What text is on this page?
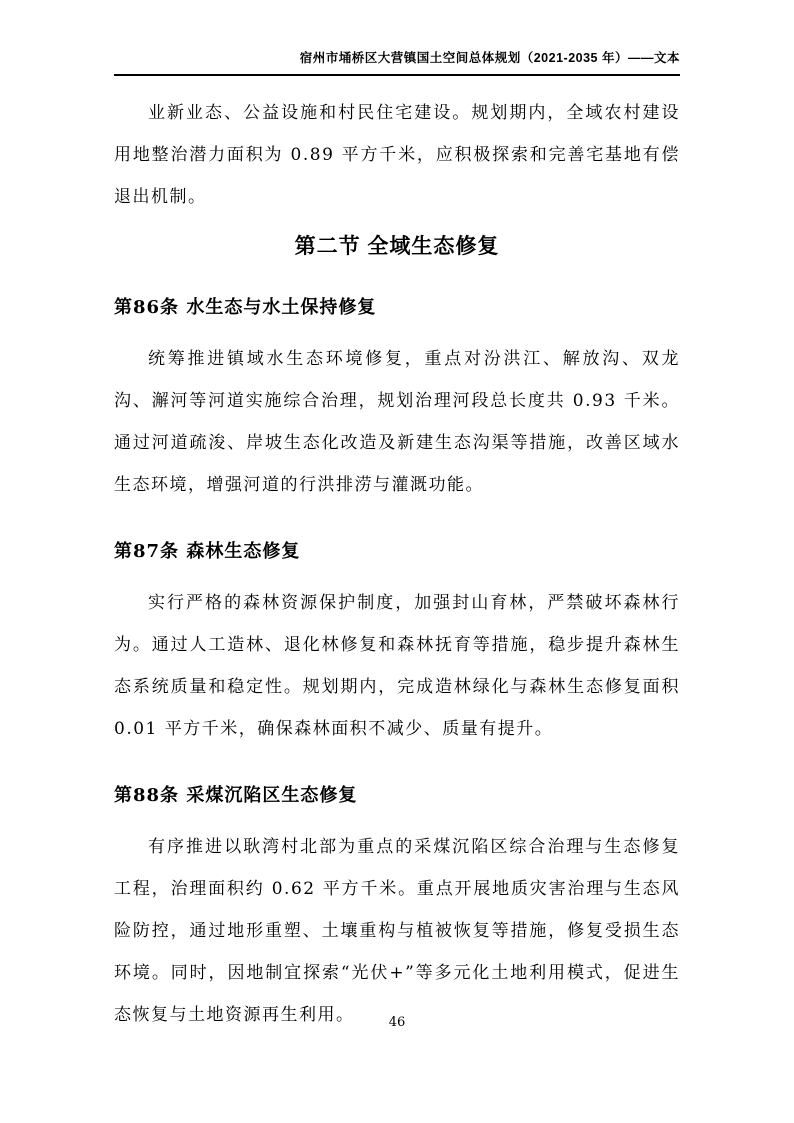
宿州市埇桥区大营镇国土空间总体规划（2021-2035 年）——文本

业新业态、公益设施和村民住宅建设。规划期内，全域农村建设用地整治潜力面积为 0.89 平方千米，应积极探索和完善宅基地有偿退出机制。

第二节 全域生态修复
第86条 水生态与水土保持修复

统筹推进镇域水生态环境修复，重点对汾洪江、解放沟、双龙沟、澥河等河道实施综合治理，规划治理河段总长度共 0.93 千米。通过河道疏浚、岸坡生态化改造及新建生态沟渠等措施，改善区域水生态环境，增强河道的行洪排涝与灌溉功能。

第87条 森林生态修复

实行严格的森林资源保护制度，加强封山育林，严禁破坏森林行为。通过人工造林、退化林修复和森林抚育等措施，稳步提升森林生态系统质量和稳定性。规划期内，完成造林绿化与森林生态修复面积 0.01 平方千米，确保森林面积不减少、质量有提升。

第88条 采煤沉陷区生态修复

有序推进以耿湾村北部为重点的采煤沉陷区综合治理与生态修复工程，治理面积约 0.62 平方千米。重点开展地质灾害治理与生态风险防控，通过地形重塑、土壤重构与植被恢复等措施，修复受损生态环境。同时，因地制宜探索“光伏+”等多元化土地利用模式，促进生态恢复与土地资源再生利用。	46
